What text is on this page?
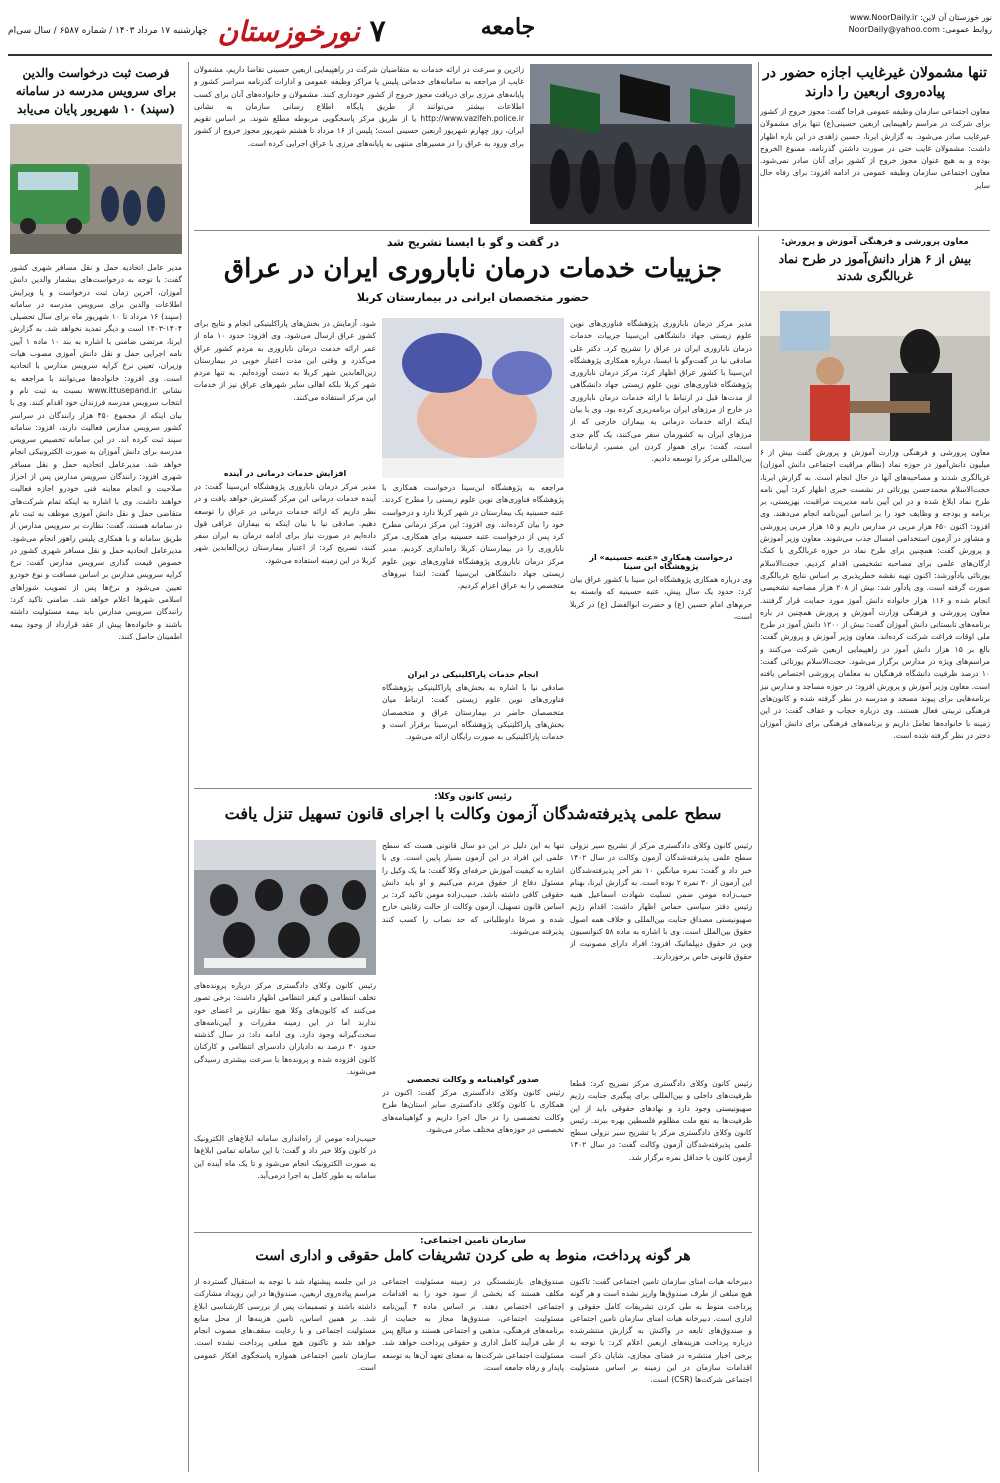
نور خوزستان آن لاین: www.NoorDaily.ir
روابط عمومی: NoorDaily@yahoo.com
جامعه
۷
نورخوزستان
چهارشنبه ۱۷ مرداد ۱۴۰۳ / شماره ۶۵۸۷ / سال سی‌ام
تنها مشمولان غیرغایب اجازه حضور در پیاده‌روی اربعین را دارند
معاون اجتماعی سازمان وظیفه عمومی فراجا گفت: مجوز خروج از کشور برای شرکت در مراسم راهپیمایی اربعین حسینی(ع) تنها برای مشمولان غیرغایب صادر می‌شود. به گزارش ایرنا، حسین زاهدی در این باره اظهار داشت: مشمولان غایب حتی در صورت داشتن گذرنامه، ممنوع الخروج بوده و به هیچ عنوان مجوز خروج از کشور برای آنان صادر نمی‌شود. معاون اجتماعی سازمان وظیفه عمومی در ادامه افزود: برای رفاه حال سایر
زائرین و سرعت در ارائه خدمات به متقاضیان شرکت در راهپیمایی اربعین حسینی تقاضا داریم، مشمولان غایب از مراجعه به سامانه‌های خدماتی پلیس یا مراکز وظیفه عمومی و ادارات گذرنامه سراسر کشور و پایانه‌های مرزی برای دریافت مجوز خروج از کشور خودداری کنند. مشمولان و خانواده‌های آنان برای کسب اطلاعات بیشتر می‌توانند از طریق پایگاه اطلاع رسانی سازمان به نشانی http://www.vazifeh.police.ir یا از طریق مرکز پاسخگویی مربوطه مطلع شوند. بر اساس تقویم ایران، روز چهارم شهریور اربعین حسینی است؛ پلیس از ۱۶ مرداد تا هشتم شهریور مجوز خروج از کشور برای ورود به عراق را در مسیرهای منتهی به پایانه‌های مرزی با عراق اجرایی کرده است.
معاون پرورشی و فرهنگی آموزش و پرورش:
بیش از ۶ هزار دانش‌آموز در طرح نماد غربالگری شدند
معاون پرورشی و فرهنگی وزارت آموزش و پرورش گفت بیش از ۶ میلیون دانش‌آموز در حوزه نماد (نظام مراقبت اجتماعی دانش آموزان) غربالگری شدند و مصاحبه‌های آنها در حال انجام است. به گزارش ایرنا، حجت‌الاسلام محمدحسن یورتائی در نشست خبری اظهار کرد: آیین نامه طرح نماد ابلاغ شده و در این آیین نامه مدیریت مراقبت، بهزیستی، بر برنامه و بودجه و وظایف خود را بر اساس آیین‌نامه انجام می‌دهند. وی افزود: اکنون ۶۵۰ هزار مربی در مدارس داریم و ۱۵ هزار مربی پرورشی و مشاور در آزمون استخدامی امسال جذب می‌شوند. معاون وزیر آموزش و پرورش گفت: همچنین برای طرح نماد در حوزه غربالگری با کمک ارگان‌های علمی برای مصاحبه تشخیصی اقدام کردیم. حجت‌الاسلام یورتائی یادآورشد: اکنون تهیه نقشه خطرپذیری بر اساس نتایج غربالگری صورت گرفته است. وی یادآور شد: بیش از ۲۰۸ هزار مصاحبه تشخیصی انجام شده و ۱۱۶ هزار خانواده دانش آموز مورد حمایت قرار گرفتند. معاون پرورشی و فرهنگی وزارت آموزش و پرورش همچنین در باره برنامه‌های تابستانی دانش آموزان گفت: بیش از ۱۲۰۰ دانش آموز در طرح ملی اوقات فراغت شرکت کرده‌اند. معاون وزیر آموزش و پرورش گفت: بالغ بر ۱۵ هزار دانش آموز در راهپیمایی اربعین شرکت می‌کنند و مراسم‌های ویژه در مدارس برگزار می‌شود. حجت‌الاسلام یورتائی گفت: ۱۰ درصد ظرفیت دانشگاه فرهنگیان به معلمان پرورشی اختصاص یافته است. معاون وزیر آموزش و پرورش افزود: در حوزه مساجد و مدارس نیز برنامه‌هایی برای پیوند مسجد و مدرسه در نظر گرفته شده و کانون‌های فرهنگی تربیتی فعال هستند. وی درباره حجاب و عفاف گفت: در این زمینه با خانواده‌ها تعامل داریم و برنامه‌های فرهنگی برای دانش آموزان دختر در نظر گرفته شده است.
در گفت و گو با ایسنا تشریح شد
جزییات خدمات درمان ناباروری ایران در عراق
حضور متخصصان ایرانی در بیمارستان کربلا
مدیر مرکز درمان ناباروری پژوهشگاه فناوری‌های نوین علوم زیستی جهاد دانشگاهی ابن‌سینا جزییات خدمات درمان ناباروری ایران در عراق را تشریح کرد. دکتر علی صادقی نیا در گفت‌وگو با ایسنا، درباره همکاری پژوهشگاه ابن‌سینا با کشور عراق اظهار کرد: مرکز درمان ناباروری پژوهشگاه فناوری‌های نوین علوم زیستی جهاد دانشگاهی از مدت‌ها قبل در ارتباط با ارائه خدمات درمان ناباروری در خارج از مرزهای ایران برنامه‌ریزی کرده بود. وی با بیان اینکه ارائه خدمات درمانی به بیماران خارجی که از مرزهای ایران به کشورمان سفر می‌کنند، یک گام جدی است، گفت: برای هموار کردن این مسیر، ارتباطات بین‌المللی مرکز را توسعه دادیم.
درخواست همکاری «عتبه حسینیه» از پژوهشگاه ابن سینا
وی درباره همکاری پژوهشگاه ابن سینا با کشور عراق بیان کرد: حدود یک سال پیش، عتبه حسینیه که وابسته به حرم‌های امام حسین (ع) و حضرت ابوالفضل (ع) در کربلا است،
مراجعه به پژوهشگاه ابن‌سینا درخواست همکاری با پژوهشگاه فناوری‌های نوین علوم زیستی را مطرح کردند. عتبه حسینیه یک بیمارستان در شهر کربلا دارد و درخواست خود را بیان کرده‌اند. وی افزود: این مرکز درمانی مطرح کرد پس از درخواست عتبه حسینیه برای همکاری، مرکز ناباروری را در بیمارستان کربلا راه‌اندازی کردیم. مدیر مرکز درمان ناباروری پژوهشگاه فناوری‌های نوین علوم زیستی جهاد دانشگاهی ابن‌سینا گفت: ابتدا نیروهای متخصص را به عراق اعزام کردیم.
انجام خدمات پاراکلینیکی در ایران
صادقی نیا با اشاره به بخش‌های پاراکلینیکی پژوهشگاه فناوری‌های نوین علوم زیستی گفت: ارتباط میان متخصصان حاضر در بیمارستان عراق و متخصصان بخش‌های پاراکلینیکی پژوهشگاه ابن‌سینا برقرار است و خدمات پاراکلینیکی به صورت رایگان ارائه می‌شود.
شود. آزمایش در بخش‌های پاراکلینیکی انجام و نتایج برای کشور عراق ارسال می‌شود. وی افزود: حدود ۱۰ ماه از عمر ارائه خدمت درمان ناباروری به مردم کشور عراق می‌گذرد و وقتی این مدت اعتبار خوبی در بیمارستان زین‌العابدین شهر کربلا به دست آورده‌ایم. به تنها مردم شهر کربلا بلکه اهالی سایر شهرهای عراق نیز از خدمات این مرکز استفاده می‌کنند.
افزایش خدمات درمانی در آینده
مدیر مرکز درمان ناباروری پژوهشگاه ابن‌سینا گفت: در آینده خدمات درمانی این مرکز گسترش خواهد یافت و در نظر داریم که ارائه خدمات درمانی در عراق را توسعه دهیم. صادقی نیا با بیان اینکه به بیماران عراقی قول داده‌ایم در صورت نیاز برای ادامه درمان به ایران سفر کنند، تصریح کرد: از اعتبار بیمارستان زین‌العابدین شهر کربلا در این زمینه استفاده می‌شود.
رئیس کانون وکلا:
سطح علمی پذیرفته‌شدگان آزمون وکالت با اجرای قانون تسهیل تنزل یافت
رئیس کانون وکلای دادگستری مرکز از تشریح سیر نزولی سطح علمی پذیرفته‌شدگان آزمون وکالت در سال ۱۴۰۲ خبر داد و گفت: نمره میانگین ۱۰ نفر آخر پذیرفته‌شدگان این آزمون از ۳۰ نمره ۲ بوده است. به گزارش ایرنا، بهنام حبیب‌زاده مومن ضمن تسلیت شهادت اسماعیل هنیه رئیس دفتر سیاسی حماس اظهار داشت: اقدام رژیم صهیونیستی مصداق جنایت بین‌المللی و خلاف همه اصول حقوق بین‌الملل است. وی با اشاره به ماده ۵۸ کنوانسیون وین در حقوق دیپلماتیک افزود: افراد دارای مصونیت از حقوق قانونی خاص برخوردارند.
رئیس کانون وکلای دادگستری مرکز تصریح کرد: قطعا ظرفیت‌های داخلی و بین‌المللی برای پیگیری جنایت رژیم صهیونیستی وجود دارد و نهادهای حقوقی باید از این ظرفیت‌ها به نفع ملت مظلوم فلسطین بهره ببرند. رئیس کانون وکلای دادگستری مرکز با تشریح سیر نزولی سطح علمی پذیرفته‌شدگان آزمون وکالت گفت: در سال ۱۴۰۲ آزمون کانون با حداقل نمره برگزار شد.
تنها به این دلیل در این دو سال قانونی هست که سطح علمی این افراد در این آزمون بسیار پایین است. وی با اشاره به کیفیت آموزش حرفه‌ای وکلا گفت: ما یک وکیل را مسئول دفاع از حقوق مردم می‌کنیم و او باید دانش حقوقی کافی داشته باشد. حبیب‌زاده مومن تاکید کرد: بر اساس قانون تسهیل، آزمون وکالت از حالت رقابتی خارج شده و صرفا داوطلبانی که حد نصاب را کسب کنند پذیرفته می‌شوند.
صدور گواهینامه و وکالت تخصصی
رئیس کانون وکلای دادگستری مرکز گفت: اکنون در همکاری با کانون وکلای دادگستری سایر استان‌ها طرح وکالت تخصصی را در حال اجرا داریم و گواهینامه‌های تخصصی در حوزه‌های مختلف صادر می‌شود.
رئیس کانون وکلای دادگستری مرکز درباره پرونده‌های تخلف انتظامی و کیفر انتظامی اظهار داشت: برخی تصور می‌کنند که کانون‌های وکلا هیچ نظارتی بر اعضای خود ندارند اما در این زمینه مقررات و آیین‌نامه‌های سخت‌گیرانه وجود دارد. وی ادامه داد: در سال گذشته حدود ۳۰ درصد به دادیاران دادسرای انتظامی و کارکنان کانون افزوده شده و پرونده‌ها با سرعت بیشتری رسیدگی می‌شوند.
حبیب‌زاده مومن از راه‌اندازی سامانه ابلاغ‌های الکترونیک در کانون وکلا خبر داد و گفت: با این سامانه تمامی ابلاغ‌ها به صورت الکترونیک انجام می‌شود و تا یک ماه آینده این سامانه به طور کامل به اجرا درمی‌آید.
سازمان تامین اجتماعی:
هر گونه پرداخت، منوط به طی کردن تشریفات کامل حقوقی و اداری است
دبیرخانه هیات امنای سازمان تامین اجتماعی گفت: تاکنون هیچ مبلغی از طرف صندوق‌ها واریز نشده است و هر گونه پرداخت منوط به طی کردن تشریفات کامل حقوقی و اداری است. دبیرخانه هیات امنای سازمان تامین اجتماعی و صندوق‌های تابعه در واکنش به گزارش منتشرشده درباره پرداخت هزینه‌های اربعین اعلام کرد: با توجه به برخی اخبار منتشره در فضای مجازی، شایان ذکر است اقدامات سازمان در این زمینه بر اساس مسئولیت اجتماعی شرکت‌ها (CSR) است.
صندوق‌های بازنشستگی در زمینه مسئولیت اجتماعی مکلف هستند که بخشی از سود خود را به اقدامات اجتماعی اختصاص دهند. بر اساس ماده ۴ آیین‌نامه مسئولیت اجتماعی، صندوق‌ها مجاز به حمایت از برنامه‌های فرهنگی، مذهبی و اجتماعی هستند و مبالغ پس از طی فرآیند کامل اداری و حقوقی پرداخت خواهد شد. مسئولیت اجتماعی شرکت‌ها به معنای تعهد آن‌ها به توسعه پایدار و رفاه جامعه است.
در این جلسه پیشنهاد شد با توجه به استقبال گسترده از مراسم پیاده‌روی اربعین، صندوق‌ها در این رویداد مشارکت داشته باشند و تصمیمات پس از بررسی کارشناسی ابلاغ شد. بر همین اساس، تامین هزینه‌ها از محل منابع مسئولیت اجتماعی و با رعایت سقف‌های مصوب انجام خواهد شد و تاکنون هیچ مبلغی پرداخت نشده است. سازمان تامین اجتماعی همواره پاسخگوی افکار عمومی است.
فرصت ثبت درخواست والدین برای سرویس مدرسه در سامانه (سپند) ۱۰ شهریور پایان می‌یابد
مدیر عامل اتحادیه حمل و نقل مسافر شهری کشور گفت: با توجه به درخواست‌های بیشمار والدین دانش آموزان، آخرین زمان ثبت درخواست و یا ویرایش اطلاعات والدین برای سرویس مدرسه در سامانه (سپند) ۱۶ مرداد تا ۱۰ شهریور ماه برای سال تحصیلی ۱۴۰۴-۱۴۰۳ است و دیگر تمدید نخواهد شد. به گزارش ایرنا، مرتضی ضامنی با اشاره به بند ۱۰ ماده ۱ آیین نامه اجرایی حمل و نقل دانش آموزی مصوب هیات وزیران، تعیین نرخ کرایه سرویس مدارس با اتحادیه است. وی افزود: خانواده‌ها می‌توانند با مراجعه به نشانی www.ittusepand.ir نسبت به ثبت نام و انتخاب سرویس مدرسه فرزندان خود اقدام کنند. وی با بیان اینکه از مجموع ۴۵۰ هزار رانندگان در سراسر کشور سرویس مدارس فعالیت دارند، افزود: سامانه سپند ثبت کرده اند. در این سامانه تخصیص سرویس مدرسه برای دانش آموزان به صورت الکترونیکی انجام خواهد شد. مدیرعامل اتحادیه حمل و نقل مسافر شهری افزود: رانندگان سرویس مدارس پس از احراز صلاحیت و انجام معاینه فنی خودرو اجازه فعالیت خواهند داشت. وی با اشاره به اینکه تمام شرکت‌های متقاضی حمل و نقل دانش آموزی موظف به ثبت نام در سامانه هستند، گفت: نظارت بر سرویس مدارس از طریق سامانه و با همکاری پلیس راهور انجام می‌شود. مدیرعامل اتحادیه حمل و نقل مسافر شهری کشور در خصوص قیمت گذاری سرویس مدارس گفت: نرخ کرایه سرویس مدارس بر اساس مسافت و نوع خودرو تعیین می‌شود و نرخ‌ها پس از تصویب شوراهای اسلامی شهرها اعلام خواهد شد. ضامنی تاکید کرد: رانندگان سرویس مدارس باید بیمه مسئولیت داشته باشند و خانواده‌ها پیش از عقد قرارداد از وجود بیمه اطمینان حاصل کنند.
